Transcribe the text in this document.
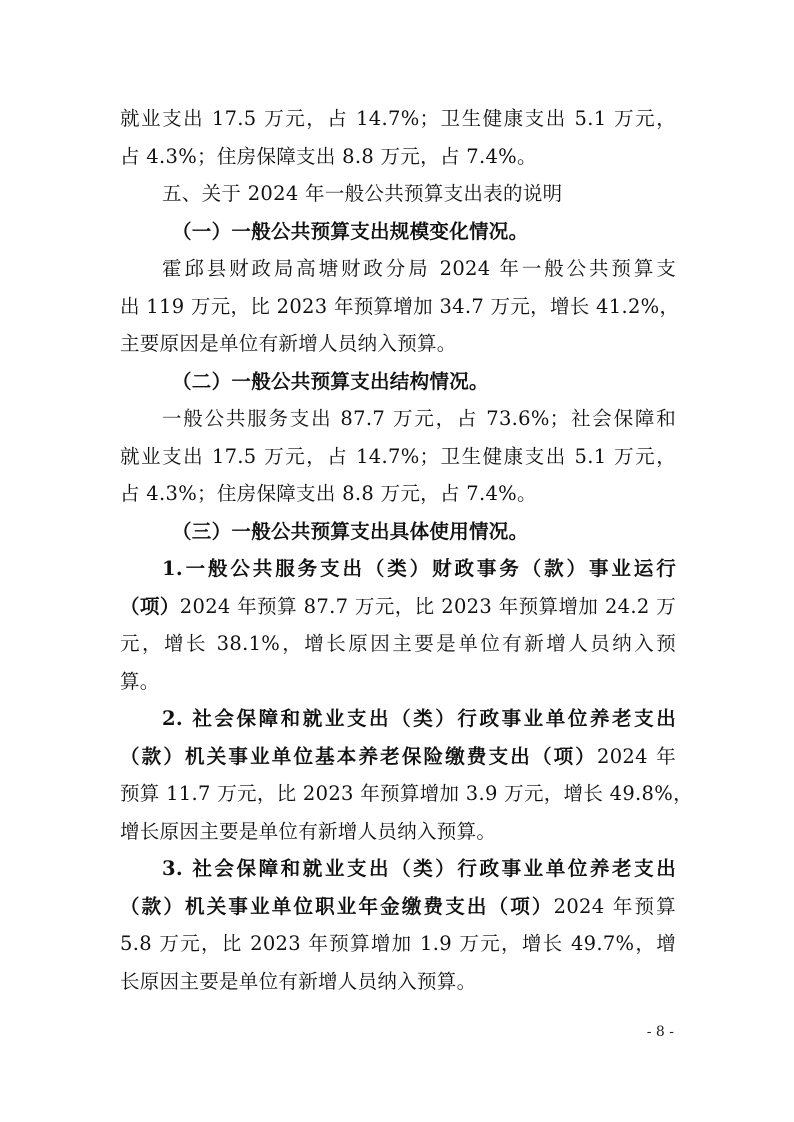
就业支出 17.5 万元，占 14.7%；卫生健康支出 5.1 万元，
占 4.3%；住房保障支出 8.8 万元，占 7.4%。
五、关于 2024 年一般公共预算支出表的说明
（一）一般公共预算支出规模变化情况。
霍邱县财政局高塘财政分局 2024 年一般公共预算支
出 119 万元，比 2023 年预算增加 34.7 万元，增长 41.2%，
主要原因是单位有新增人员纳入预算。
（二）一般公共预算支出结构情况。
一般公共服务支出 87.7 万元，占 73.6%；社会保障和
就业支出 17.5 万元，占 14.7%；卫生健康支出 5.1 万元，
占 4.3%；住房保障支出 8.8 万元，占 7.4%。
（三）一般公共预算支出具体使用情况。
1.一般公共服务支出（类）财政事务（款）事业运行
（项）2024 年预算 87.7 万元，比 2023 年预算增加 24.2 万
元，增长 38.1%，增长原因主要是单位有新增人员纳入预
算。
2. 社会保障和就业支出（类）行政事业单位养老支出
（款）机关事业单位基本养老保险缴费支出（项）2024 年
预算 11.7 万元，比 2023 年预算增加 3.9 万元，增长 49.8%，
增长原因主要是单位有新增人员纳入预算。
3. 社会保障和就业支出（类）行政事业单位养老支出
（款）机关事业单位职业年金缴费支出（项）2024 年预算
5.8 万元，比 2023 年预算增加 1.9 万元，增长 49.7%，增
长原因主要是单位有新增人员纳入预算。
- 8 -
